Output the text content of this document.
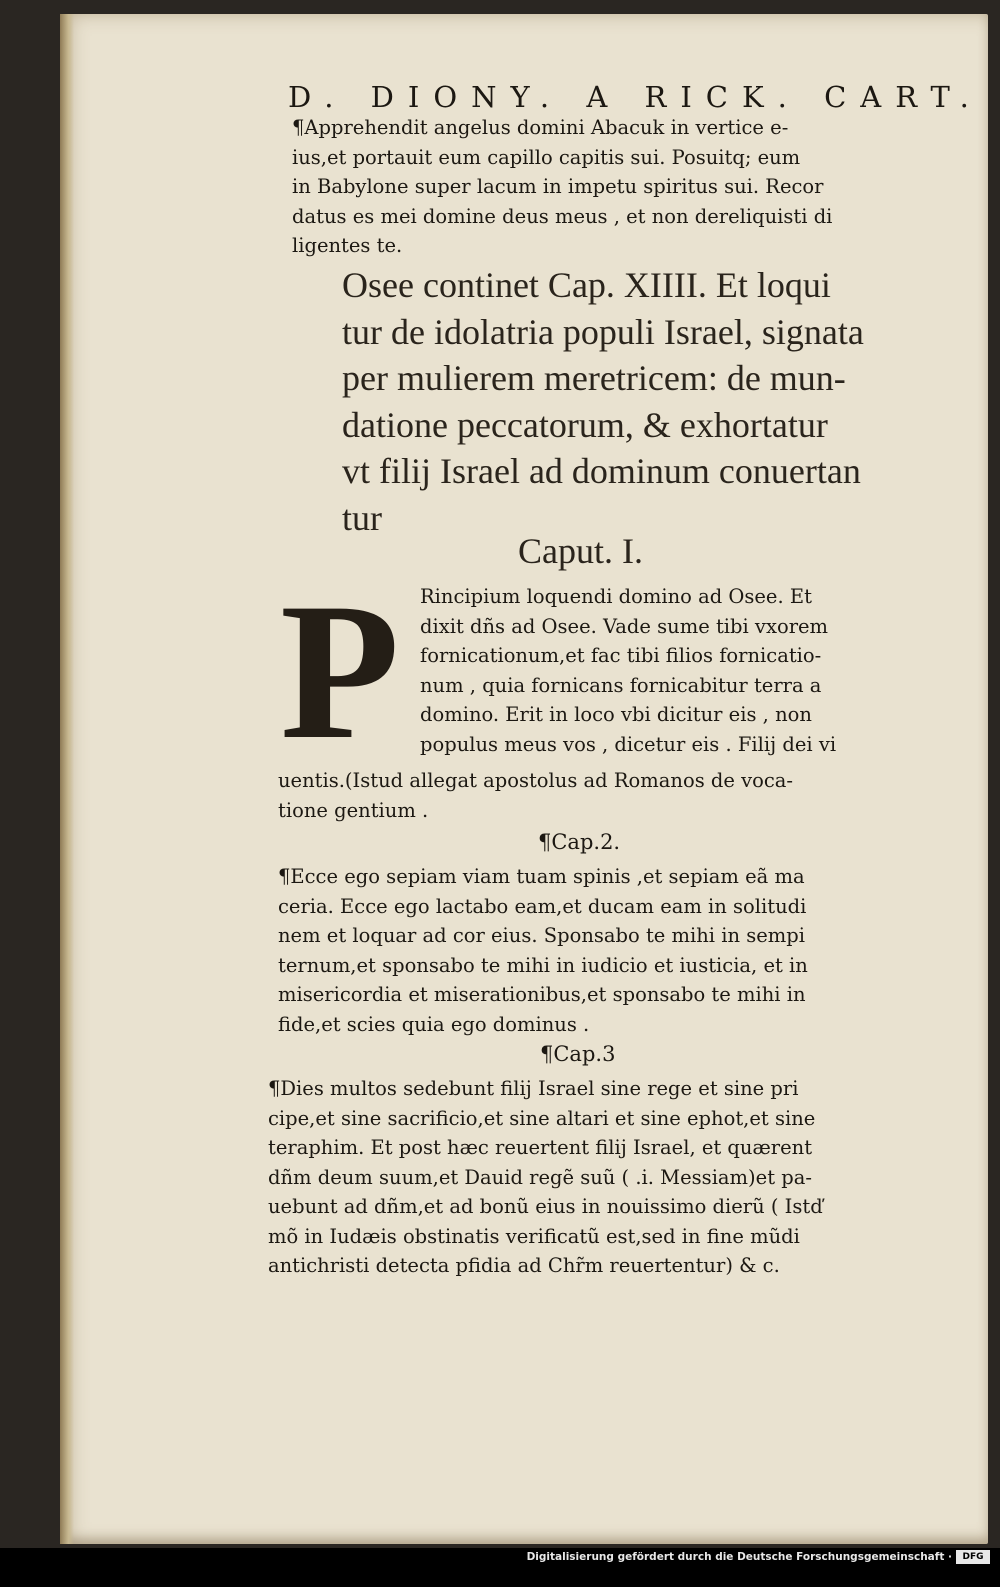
D. DIONY. A RICK. CART.
¶Apprehendit angelus domini Abacuk in vertice e-
ius,et portauit eum capillo capitis sui. Posuitq; eum
in Babylone super lacum in impetu spiritus sui. Recor
datus es mei domine deus meus , et non dereliquisti di
ligentes te.
Osee continet Cap. XIIII. Et loqui
tur de idolatria populi Israel, signata
per mulierem meretricem: de mun-
datione peccatorum, & exhortatur
vt filij Israel ad dominum conuertan
tur
Caput. I.
P Rincipium loquendi domino ad Osee. Et
dixit dñs ad Osee. Vade sume tibi vxorem
fornicationum,et fac tibi filios fornicatio-
num , quia fornicans fornicabitur terra a
domino. Erit in loco vbi dicitur eis , non
populus meus vos , dicetur eis . Filij dei vi
uentis.(Istud allegat apostolus ad Romanos de voca-
tione gentium .
¶Cap.2.
¶Ecce ego sepiam viam tuam spinis ,et sepiam eã ma
ceria. Ecce ego lactabo eam,et ducam eam in solitudi
nem et loquar ad cor eius. Sponsabo te mihi in sempi
ternum,et sponsabo te mihi in iudicio et iusticia, et in
misericordia et miserationibus,et sponsabo te mihi in
fide,et scies quia ego dominus .
¶Cap.3
¶Dies multos sedebunt filij Israel sine rege et sine pri
cipe,et sine sacrificio,et sine altari et sine ephot,et sine
teraphim. Et post hæc reuertent filij Israel, et quærent
dñm deum suum,et Dauid regẽ suũ ( .i. Messiam)et pa-
uebunt ad dñm,et ad bonũ eius in nouissimo dierũ ( Istď
mõ in Iudæis obstinatis verificatũ est,sed in fine mũdi
antichristi detecta pfidia ad Chr̃m reuertentur) & c.
Digitalisierung gefördert durch die Deutsche Forschungsgemeinschaft ·	DFG
